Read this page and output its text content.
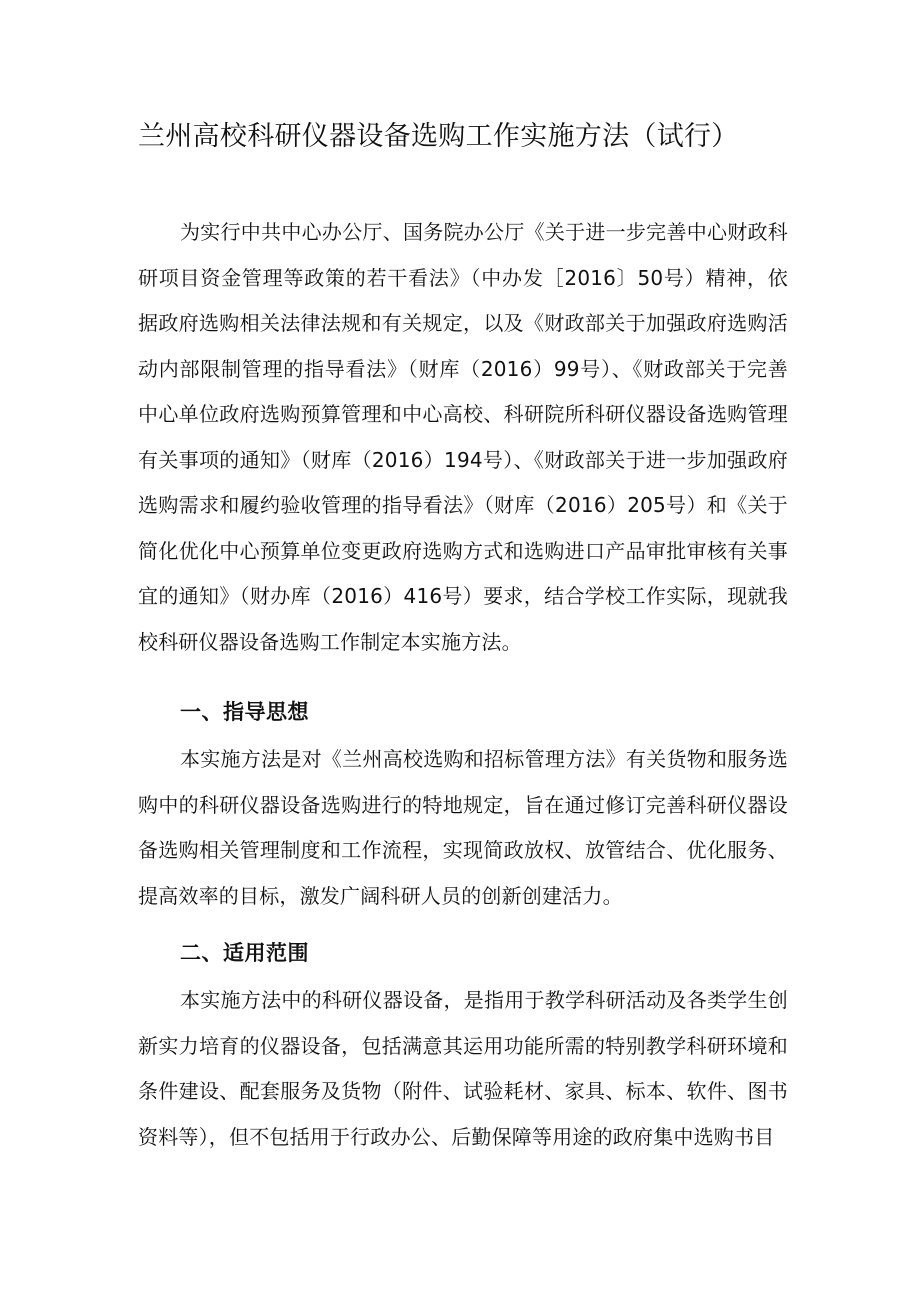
兰州高校科研仪器设备选购工作实施方法（试行）

为实行中共中心办公厅、国务院办公厅《关于进一步完善中心财政科研项目资金管理等政策的若干看法》（中办发［2016〕50号）精神，依据政府选购相关法律法规和有关规定，以及《财政部关于加强政府选购活动内部限制管理的指导看法》（财库（2016）99号）、《财政部关于完善中心单位政府选购预算管理和中心高校、科研院所科研仪器设备选购管理有关事项的通知》（财库（2016）194号）、《财政部关于进一步加强政府选购需求和履约验收管理的指导看法》（财库（2016）205号）和《关于简化优化中心预算单位变更政府选购方式和选购进口产品审批审核有关事宜的通知》（财办库（2016）416号）要求，结合学校工作实际，现就我校科研仪器设备选购工作制定本实施方法。

一、指导思想

本实施方法是对《兰州高校选购和招标管理方法》有关货物和服务选购中的科研仪器设备选购进行的特地规定，旨在通过修订完善科研仪器设备选购相关管理制度和工作流程，实现简政放权、放管结合、优化服务、提高效率的目标，激发广阔科研人员的创新创建活力。

二、适用范围

本实施方法中的科研仪器设备，是指用于教学科研活动及各类学生创新实力培育的仪器设备，包括满意其运用功能所需的特别教学科研环境和条件建设、配套服务及货物（附件、试验耗材、家具、标本、软件、图书资料等），但不包括用于行政办公、后勤保障等用途的政府集中选购书目
